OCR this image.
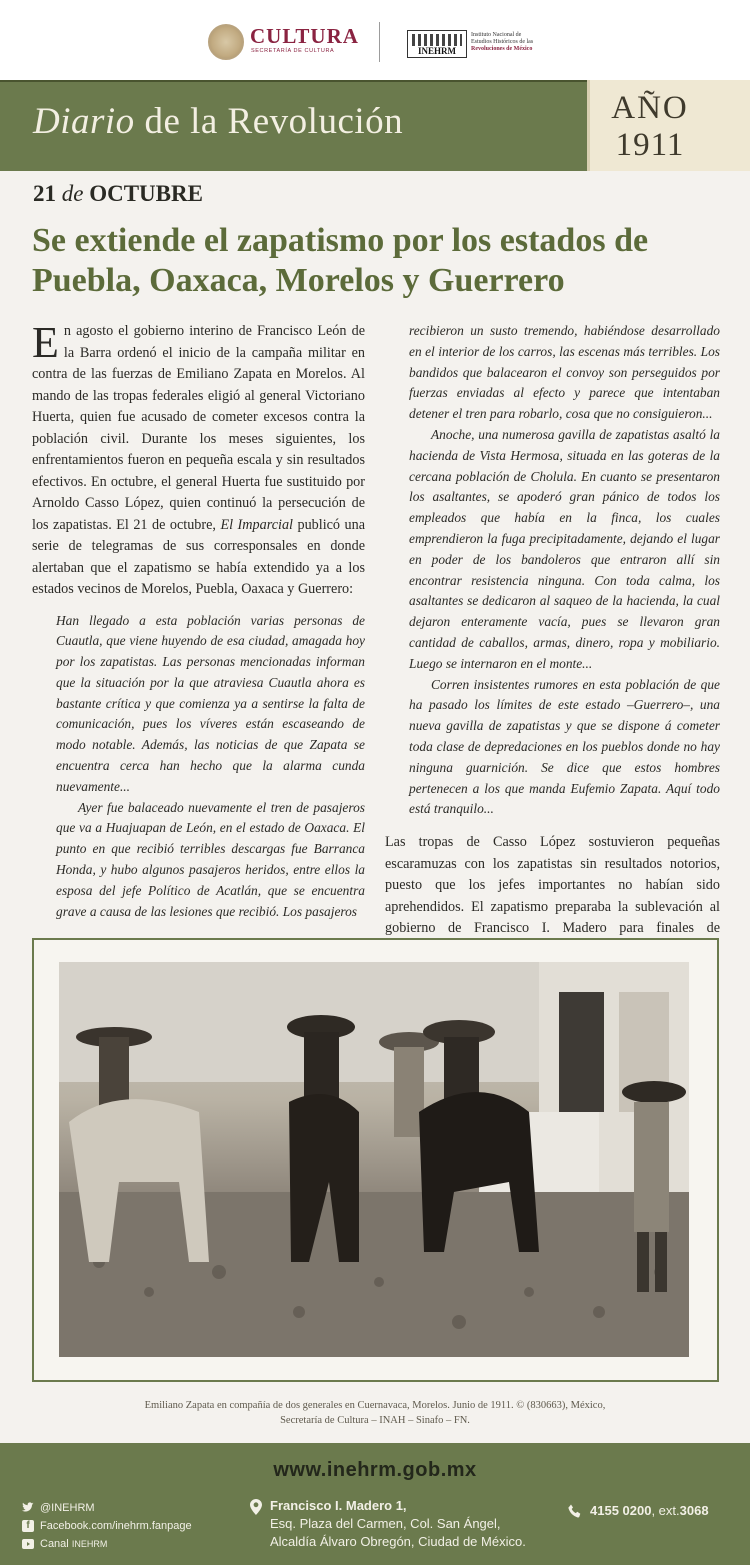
CULTURA
SECRETARÍA DE CULTURA	INEHRM
Instituto Nacional de
Estudios Históricos de las
Revoluciones de México
Diario de la Revolución	AÑO
1911
21 de OCTUBRE
Se extiende el zapatismo por los estados de Puebla, Oaxaca, Morelos y Guerrero

En agosto el gobierno interino de Francisco León de la Barra ordenó el inicio de la campaña militar en contra de las fuerzas de Emiliano Zapata en Morelos. Al mando de las tropas federales eligió al general Victoriano Huerta, quien fue acusado de cometer excesos contra la población civil. Durante los meses siguientes, los enfrentamientos fueron en pequeña escala y sin resultados efectivos. En octubre, el general Huerta fue sustituido por Arnoldo Casso López, quien continuó la persecución de los zapatistas. El 21 de octubre, El Imparcial publicó una serie de telegramas de sus corresponsales en donde alertaban que el zapatismo se había extendido ya a los estados vecinos de Morelos, Puebla, Oaxaca y Guerrero:

Han llegado a esta población varias personas de Cuautla, que viene huyendo de esa ciudad, amagada hoy por los zapatistas. Las personas mencionadas informan que la situación por la que atraviesa Cuautla ahora es bastante crítica y que comienza ya a sentirse la falta de comunicación, pues los víveres están escaseando de modo notable. Además, las noticias de que Zapata se encuentra cerca han hecho que la alarma cunda nuevamente...

Ayer fue balaceado nuevamente el tren de pasajeros que va a Huajuapan de León, en el estado de Oaxaca. El punto en que recibió terribles descargas fue Barranca Honda, y hubo algunos pasajeros heridos, entre ellos la esposa del jefe Político de Acatlán, que se encuentra grave a causa de las lesiones que recibió. Los pasajeros

recibieron un susto tremendo, habiéndose desarrollado en el interior de los carros, las escenas más terribles. Los bandidos que balacearon el convoy son perseguidos por fuerzas enviadas al efecto y parece que intentaban detener el tren para robarlo, cosa que no consiguieron...

Anoche, una numerosa gavilla de zapatistas asaltó la hacienda de Vista Hermosa, situada en las goteras de la cercana población de Cholula. En cuanto se presentaron los asaltantes, se apoderó gran pánico de todos los empleados que había en la finca, los cuales emprendieron la fuga precipitadamente, dejando el lugar en poder de los bandoleros que entraron allí sin encontrar resistencia ninguna. Con toda calma, los asaltantes se dedicaron al saqueo de la hacienda, la cual dejaron enteramente vacía, pues se llevaron gran cantidad de caballos, armas, dinero, ropa y mobiliario. Luego se internaron en el monte...

Corren insistentes rumores en esta población de que ha pasado los límites de este estado –Guerrero–, una nueva gavilla de zapatistas y que se dispone á cometer toda clase de depredaciones en los pueblos donde no hay ninguna guarnición. Se dice que estos hombres pertenecen a los que manda Eufemio Zapata. Aquí todo está tranquilo...

Las tropas de Casso López sostuvieron pequeñas escaramuzas con los zapatistas sin resultados notorios, puesto que los jefes importantes no habían sido aprehendidos. El zapatismo preparaba la sublevación al gobierno de Francisco I. Madero para finales de

Emiliano Zapata en compañía de dos generales en Cuernavaca, Morelos. Junio de 1911. © (830663), México,
Secretaría de Cultura – INAH – Sinafo – FN.
www.inehrm.gob.mx
@INEHRM
f Facebook.com/inehrm.fanpage
Canal
INEHRM
Francisco I. Madero 1,
Esq. Plaza del Carmen, Col. San Ángel,
Alcaldía Álvaro Obregón, Ciudad de México.
4155 0200 , ext. 3068
